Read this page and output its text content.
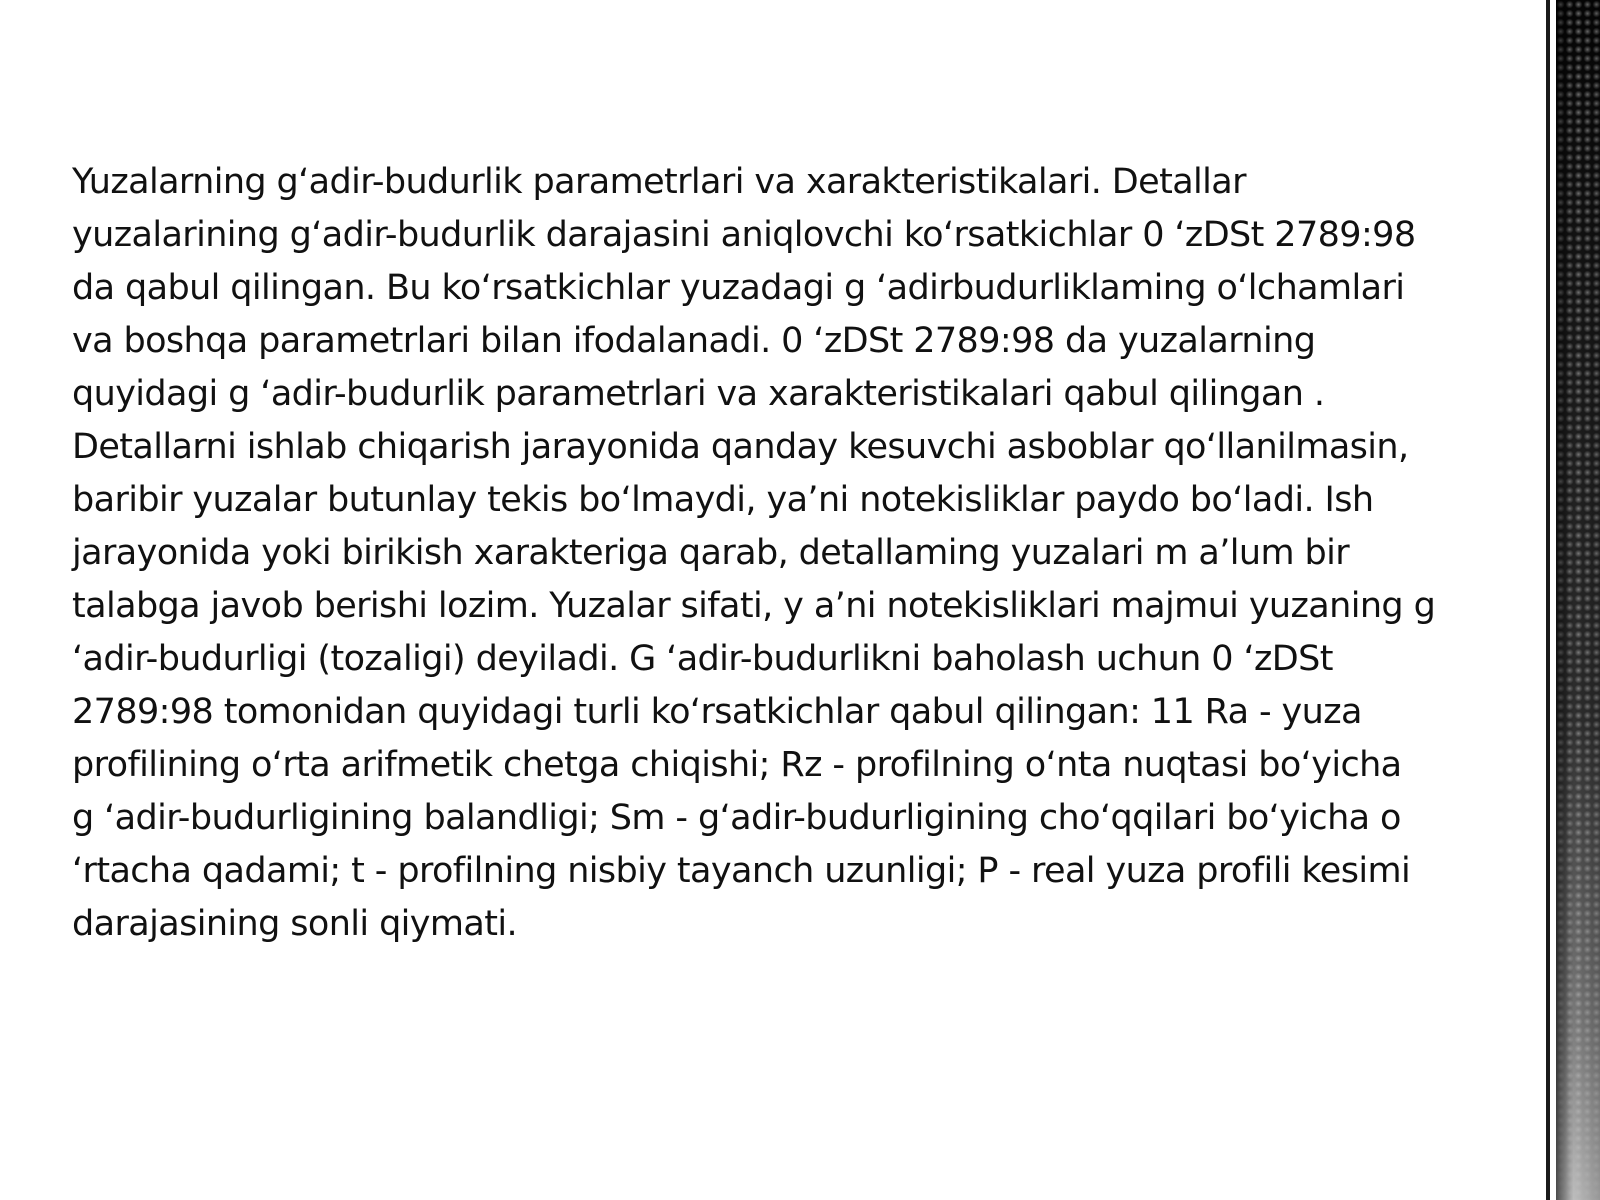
Yuzalarning g‘adir-budurlik parametrlari va xarakteristikalari. Detallar
yuzalarining g‘adir-budurlik darajasini aniqlovchi ko‘rsatkichlar 0 ‘zDSt 2789:98
da qabul qilingan. Bu ko‘rsatkichlar yuzadagi g ‘adirbudurliklaming o‘lchamlari
va boshqa parametrlari bilan ifodalanadi. 0 ‘zDSt 2789:98 da yuzalarning
quyidagi g ‘adir-budurlik parametrlari va xarakteristikalari qabul qilingan .
Detallarni ishlab chiqarish jarayonida qanday kesuvchi asboblar qo‘llanilmasin,
baribir yuzalar butunlay tekis bo‘lmaydi, ya’ni notekisliklar paydo bo‘ladi. Ish
jarayonida yoki birikish xarakteriga qarab, detallaming yuzalari m a’lum bir
talabga javob berishi lozim. Yuzalar sifati, y a’ni notekisliklari majmui yuzaning g
‘adir-budurligi (tozaligi) deyiladi. G ‘adir-budurlikni baholash uchun 0 ‘zDSt
2789:98 tomonidan quyidagi turli ko‘rsatkichlar qabul qilingan: 11 Ra - yuza
profilining o‘rta arifmetik chetga chiqishi; Rz - profilning o‘nta nuqtasi bo‘yicha
g ‘adir-budurligining balandligi; Sm - g‘adir-budurligining cho‘qqilari bo‘yicha o
‘rtacha qadami; t - profilning nisbiy tayanch uzunligi; P - real yuza profili kesimi
darajasining sonli qiymati.
